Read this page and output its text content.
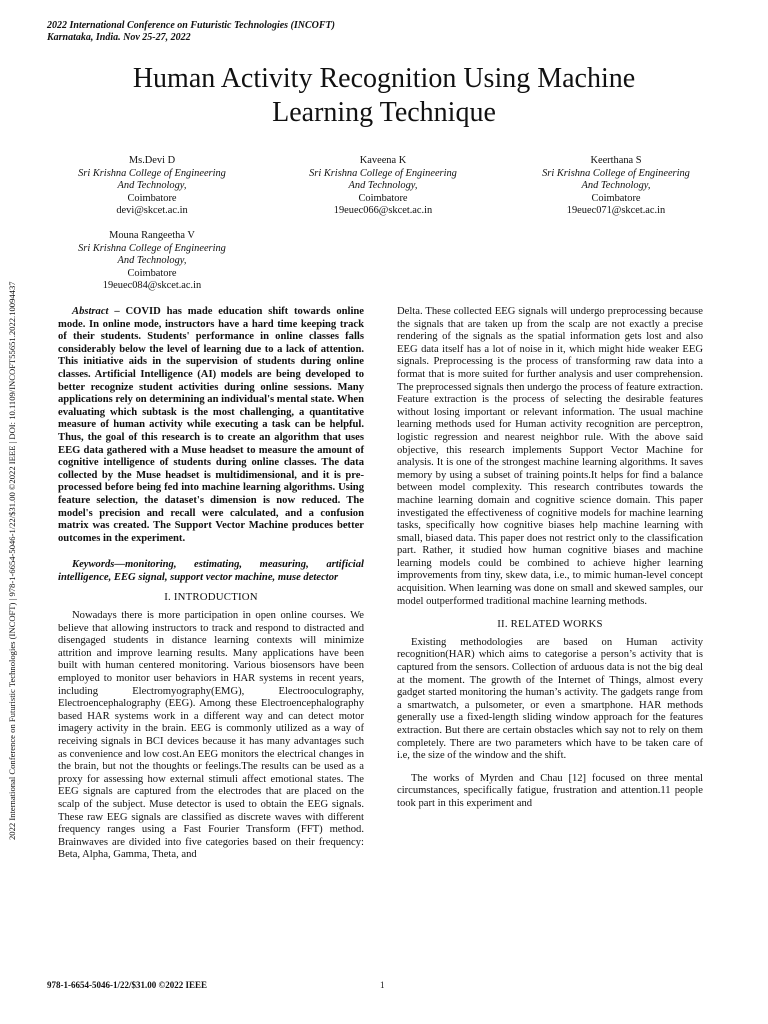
2022 International Conference on Futuristic Technologies (INCOFT)
Karnataka, India. Nov 25-27, 2022
Human Activity Recognition Using Machine
Learning Technique
Ms.Devi D
Sri Krishna College of Engineering
And Technology,
Coimbatore
devi@skcet.ac.in
Kaveena K
Sri Krishna College of Engineering
And Technology,
Coimbatore
19euec066@skcet.ac.in
Keerthana S
Sri Krishna College of Engineering
And Technology,
Coimbatore
19euec071@skcet.ac.in
Mouna Rangeetha V
Sri Krishna College of Engineering
And Technology,
Coimbatore
19euec084@skcet.ac.in
2022 International Conference on Futuristic Technologies (INCOFT) | 978-1-6654-5046-1/22/$31.00 ©2022 IEEE | DOI: 10.1109/INCOFT55651.2022.10094437	Abstract – COVID has made education shift towards online mode. In online mode, instructors have a hard time keeping track of their students. Students' performance in online classes falls considerably below the level of learning due to a lack of attention. This initiative aids in the supervision of students during online classes. Artificial Intelligence (AI) models are being developed to better recognize student activities during online sessions. Many applications rely on determining an individual's mental state. When evaluating which subtask is the most challenging, a quantitative measure of human activity while executing a task can be helpful. Thus, the goal of this research is to create an algorithm that uses EEG data gathered with a Muse headset to measure the amount of cognitive intelligence of students during online classes. The data collected by the Muse headset is multidimensional, and it is pre-processed before being fed into machine learning algorithms. Using feature selection, the dataset's dimension is now reduced. The model's precision and recall were calculated, and a confusion matrix was created. The Support Vector Machine produces better outcomes in the experiment.

Keywords—monitoring, estimating, measuring, artificial intelligence, EEG signal, support vector machine, muse detector

I. INTRODUCTION

Nowadays there is more participation in open online courses. We believe that allowing instructors to track and respond to distracted and disengaged students in distance learning contexts will minimize attrition and improve learning results. Many applications have been built with human centered monitoring. Various biosensors have been employed to monitor user behaviors in HAR systems in recent years, including Electromyography(EMG), Electrooculography, Electroencephalography (EEG). Among these Electroencephalography based HAR systems work in a different way and can detect motor imagery activity in the brain. EEG is commonly utilized as a way of receiving signals in BCI devices because it has many advantages such as convenience and low cost.An EEG monitors the electrical changes in the brain, but not the thoughts or feelings.The results can be used as a proxy for assessing how external stimuli affect emotional states. The EEG signals are captured from the electrodes that are placed on the scalp of the subject. Muse detector is used to obtain the EEG signals. These raw EEG signals are classified as discrete waves with different frequency ranges using a Fast Fourier Transform (FFT) method. Brainwaves are divided into five categories based on their frequency: Beta, Alpha, Gamma, Theta, and

Delta. These collected EEG signals will undergo preprocessing because the signals that are taken up from the scalp are not exactly a precise rendering of the signals as the spatial information gets lost and also EEG data itself has a lot of noise in it, which might hide weaker EEG signals. Preprocessing is the process of transforming raw data into a format that is more suited for further analysis and user comprehension. The preprocessed signals then undergo the process of feature extraction. Feature extraction is the process of selecting the desirable features without losing important or relevant information. The usual machine learning methods used for Human activity recognition are perceptron, logistic regression and nearest neighbor rule. With the above said objective, this research implements Support Vector Machine for analysis. It is one of the strongest machine learning algorithms. It saves memory by using a subset of training points.It helps for find a balance between model complexity. This research contributes towards the machine learning domain and cognitive science domain. This paper investigated the effectiveness of cognitive models for machine learning tasks, specifically how cognitive biases help machine learning with small, biased data. This paper does not restrict only to the classification part. Rather, it studied how human cognitive biases and machine learning models could be combined to achieve higher learning improvements from tiny, skew data, i.e., to mimic human-level concept acquisition. When learning was done on small and skewed samples, our model outperformed traditional machine learning methods.

II. RELATED WORKS

Existing methodologies are based on Human activity recognition(HAR) which aims to categorise a person’s activity that is captured from the sensors. Collection of arduous data is not the big deal at the moment. The growth of the Internet of Things, almost every gadget started monitoring the human’s activity. The gadgets range from a smartwatch, a pulsometer, or even a smartphone. HAR methods generally use a fixed-length sliding window approach for the features extraction. But there are certain obstacles which say not to rely on them completely. There are two parameters which have to be taken care of i.e, the size of the window and the shift.

The works of Myrden and Chau [12] focused on three mental circumstances, specifically fatigue, frustration and attention.11 people took part in this experiment and

978-1-6654-5046-1/22/$31.00 ©2022 IEEE	1
